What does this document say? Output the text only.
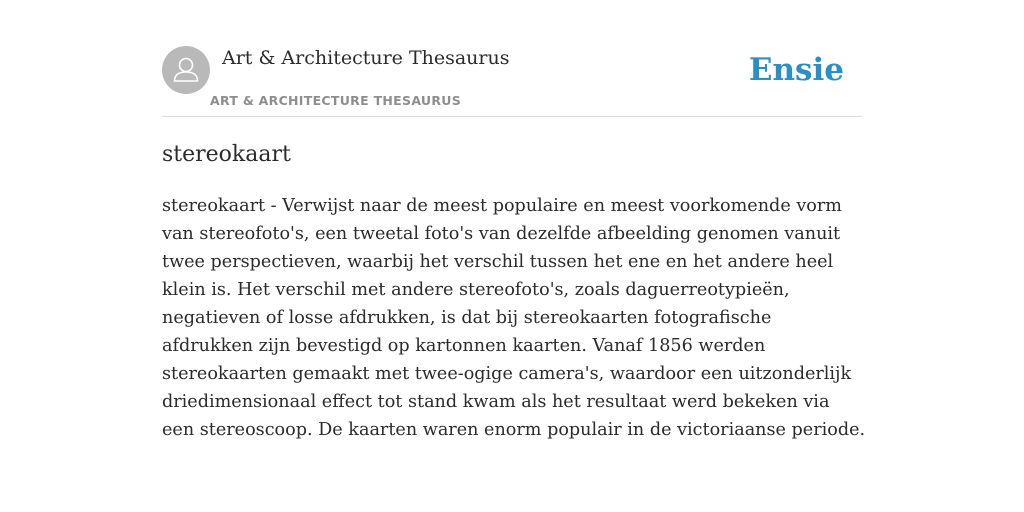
Art & Architecture Thesaurus
ART & ARCHITECTURE THESAURUS
Ensie
stereokaart

stereokaart - Verwijst naar de meest populaire en meest voorkomende vorm van stereofoto's, een tweetal foto's van dezelfde afbeelding genomen vanuit twee perspectieven, waarbij het verschil tussen het ene en het andere heel klein is. Het verschil met andere stereofoto's, zoals daguerreotypieën, negatieven of losse afdrukken, is dat bij stereokaarten fotografische afdrukken zijn bevestigd op kartonnen kaarten. Vanaf 1856 werden stereokaarten gemaakt met twee-ogige camera's, waardoor een uitzonderlijk driedimensionaal effect tot stand kwam als het resultaat werd bekeken via een stereoscoop. De kaarten waren enorm populair in de victoriaanse periode.
